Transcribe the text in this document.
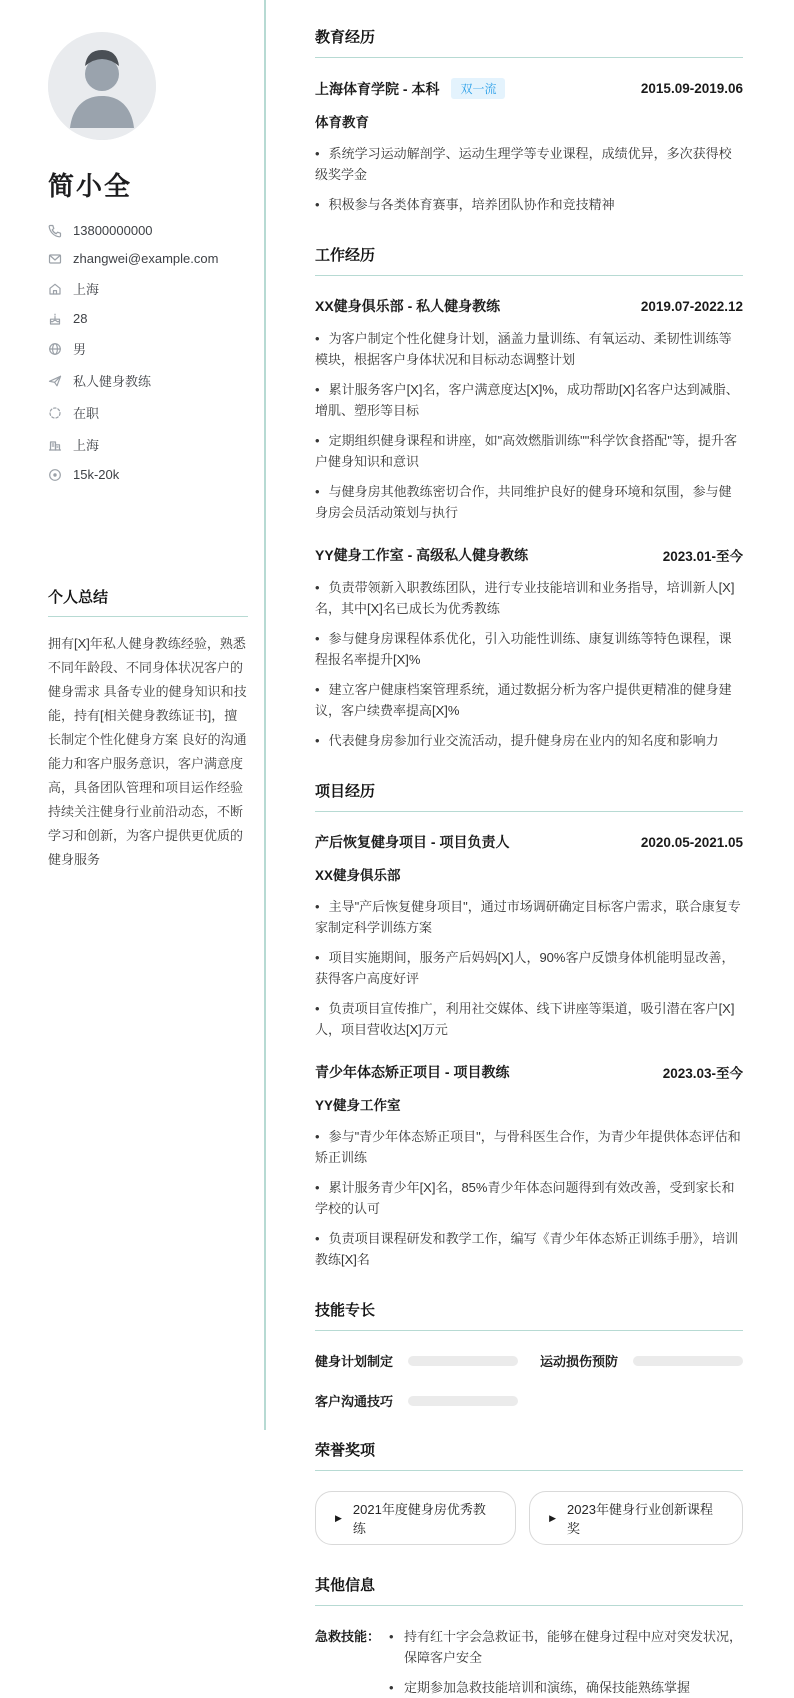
简小全
13800000000
zhangwei@example.com
上海
28
男
私人健身教练
在职
上海
15k-20k
个人总结

拥有[X]年私人健身教练经验，熟悉不同年龄段、不同身体状况客户的健身需求 具备专业的健身知识和技能，持有[相关健身教练证书]，擅长制定个性化健身方案 良好的沟通能力和客户服务意识，客户满意度高，具备团队管理和项目运作经验 持续关注健身行业前沿动态，不断学习和创新，为客户提供更优质的健身服务

教育经历
上海体育学院 - 本科	双一流	2015.09-2019.06
体育教育
• 系统学习运动解剖学、运动生理学等专业课程，成绩优异，多次获得校级奖学金
• 积极参与各类体育赛事，培养团队协作和竞技精神
工作经历
XX健身俱乐部 - 私人健身教练	2019.07-2022.12
• 为客户制定个性化健身计划，涵盖力量训练、有氧运动、柔韧性训练等模块，根据客户身体状况和目标动态调整计划
• 累计服务客户[X]名，客户满意度达[X]%，成功帮助[X]名客户达到减脂、增肌、塑形等目标
• 定期组织健身课程和讲座，如"高效燃脂训练""科学饮食搭配"等，提升客户健身知识和意识
• 与健身房其他教练密切合作，共同维护良好的健身环境和氛围，参与健身房会员活动策划与执行
YY健身工作室 - 高级私人健身教练	2023.01-至今
• 负责带领新入职教练团队，进行专业技能培训和业务指导，培训新人[X]名，其中[X]名已成长为优秀教练
• 参与健身房课程体系优化，引入功能性训练、康复训练等特色课程，课程报名率提升[X]%
• 建立客户健康档案管理系统，通过数据分析为客户提供更精准的健身建议，客户续费率提高[X]%
• 代表健身房参加行业交流活动，提升健身房在业内的知名度和影响力
项目经历
产后恢复健身项目 - 项目负责人	2020.05-2021.05
XX健身俱乐部
• 主导"产后恢复健身项目"，通过市场调研确定目标客户需求，联合康复专家制定科学训练方案
• 项目实施期间，服务产后妈妈[X]人，90%客户反馈身体机能明显改善，获得客户高度好评
• 负责项目宣传推广，利用社交媒体、线下讲座等渠道，吸引潜在客户[X]人，项目营收达[X]万元
青少年体态矫正项目 - 项目教练	2023.03-至今
YY健身工作室
• 参与"青少年体态矫正项目"，与骨科医生合作，为青少年提供体态评估和矫正训练
• 累计服务青少年[X]名，85%青少年体态问题得到有效改善，受到家长和学校的认可
• 负责项目课程研发和教学工作，编写《青少年体态矫正训练手册》，培训教练[X]名
技能专长
健身计划制定	运动损伤预防
客户沟通技巧
荣誉奖项
▶
2021年度健身房优秀教练
▶
2023年健身行业创新课程奖
其他信息
急救技能：	• 持有红十字会急救证书，能够在健身过程中应对突发状况，保障客户安全
• 定期参加急救技能培训和演练，确保技能熟练掌握
